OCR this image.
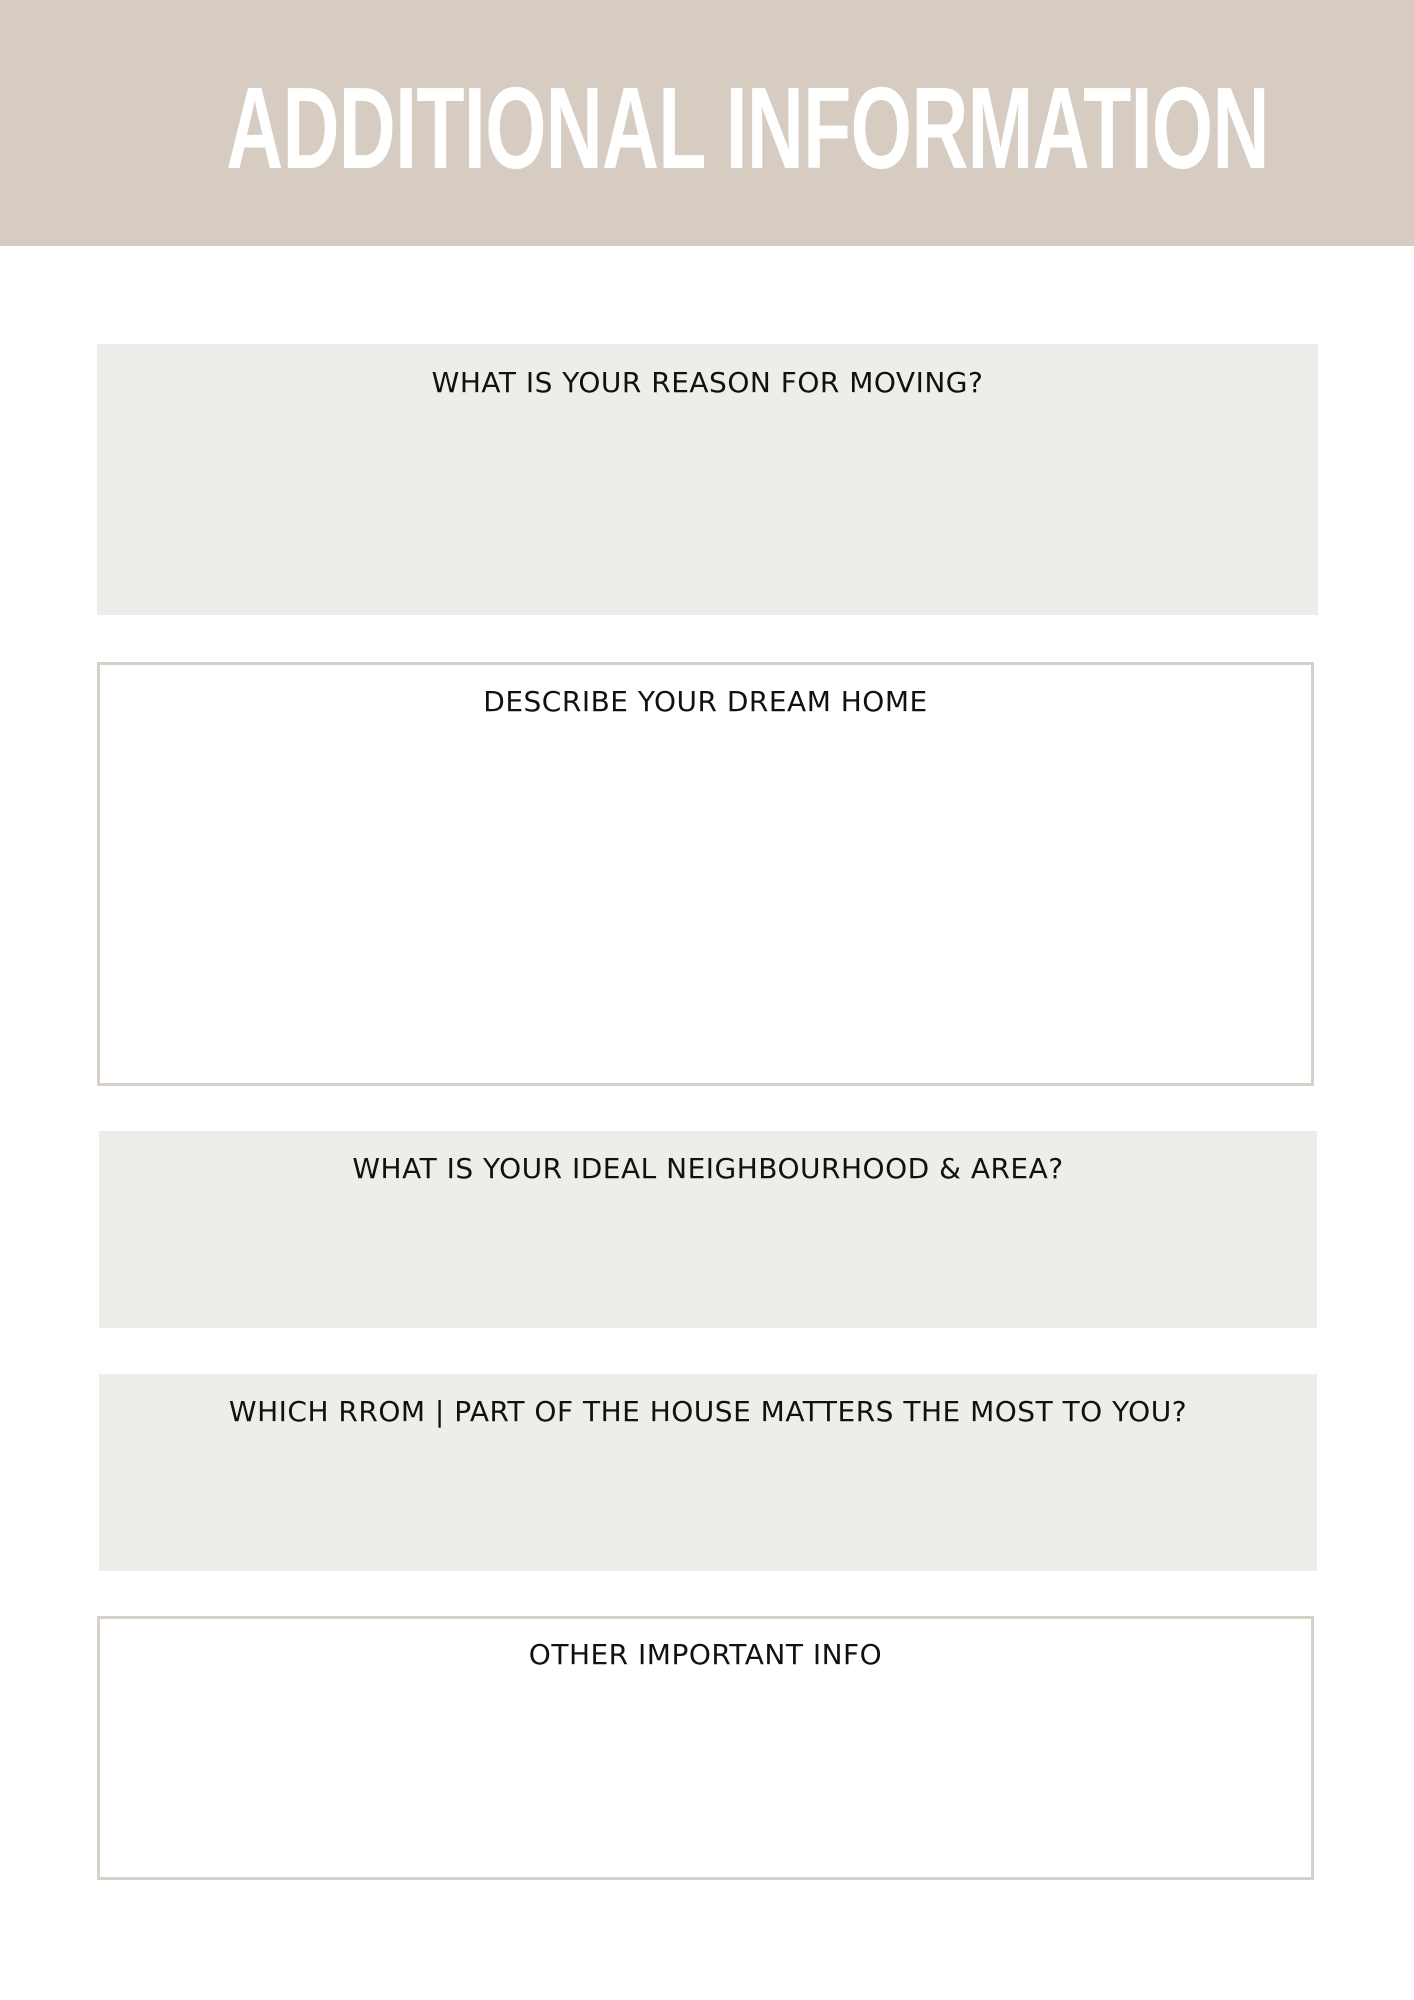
ADDITIONAL INFORMATION
WHAT IS YOUR REASON FOR MOVING?
DESCRIBE YOUR DREAM HOME
WHAT IS YOUR IDEAL NEIGHBOURHOOD & AREA?
WHICH RROM | PART OF THE HOUSE MATTERS THE MOST TO YOU?
OTHER IMPORTANT INFO
